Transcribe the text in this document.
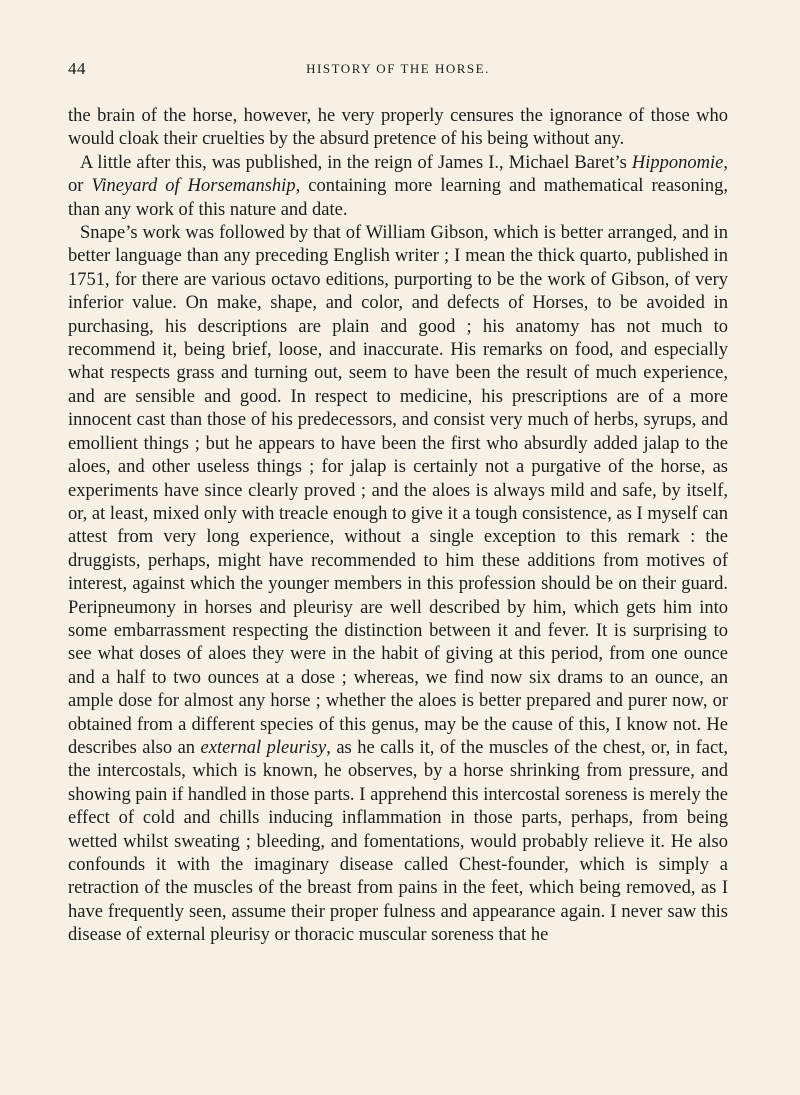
44	HISTORY OF THE HORSE.

the brain of the horse, however, he very properly censures the ignorance of those who would cloak their cruelties by the absurd pretence of his being without any.

A little after this, was published, in the reign of James I., Michael Baret’s Hipponomie, or Vineyard of Horsemanship, containing more learning and mathematical reasoning, than any work of this nature and date.

Snape’s work was followed by that of William Gibson, which is better arranged, and in better language than any preceding English writer ; I mean the thick quarto, published in 1751, for there are various octavo editions, purporting to be the work of Gibson, of very inferior value. On make, shape, and color, and defects of Horses, to be avoided in purchasing, his descriptions are plain and good ; his anatomy has not much to recommend it, being brief, loose, and inaccurate. His remarks on food, and especially what respects grass and turning out, seem to have been the result of much experience, and are sensible and good. In respect to medicine, his prescriptions are of a more innocent cast than those of his predecessors, and consist very much of herbs, syrups, and emollient things ; but he appears to have been the first who absurdly added jalap to the aloes, and other useless things ; for jalap is certainly not a purgative of the horse, as experiments have since clearly proved ; and the aloes is always mild and safe, by itself, or, at least, mixed only with treacle enough to give it a tough consistence, as I myself can attest from very long experience, without a single exception to this remark : the druggists, perhaps, might have recommended to him these additions from motives of interest, against which the younger members in this profession should be on their guard. Peripneumony in horses and pleurisy are well described by him, which gets him into some embarrassment respecting the distinction between it and fever. It is surprising to see what doses of aloes they were in the habit of giving at this period, from one ounce and a half to two ounces at a dose ; whereas, we find now six drams to an ounce, an ample dose for almost any horse ; whether the aloes is better prepared and purer now, or obtained from a different species of this genus, may be the cause of this, I know not. He describes also an external pleurisy, as he calls it, of the muscles of the chest, or, in fact, the intercostals, which is known, he observes, by a horse shrinking from pressure, and showing pain if handled in those parts. I apprehend this intercostal soreness is merely the effect of cold and chills inducing inflammation in those parts, perhaps, from being wetted whilst sweating ; bleeding, and fomentations, would probably relieve it. He also confounds it with the imaginary disease called Chest-founder, which is simply a retraction of the muscles of the breast from pains in the feet, which being removed, as I have frequently seen, assume their proper fulness and appearance again. I never saw this disease of external pleurisy or thoracic muscular soreness that he
